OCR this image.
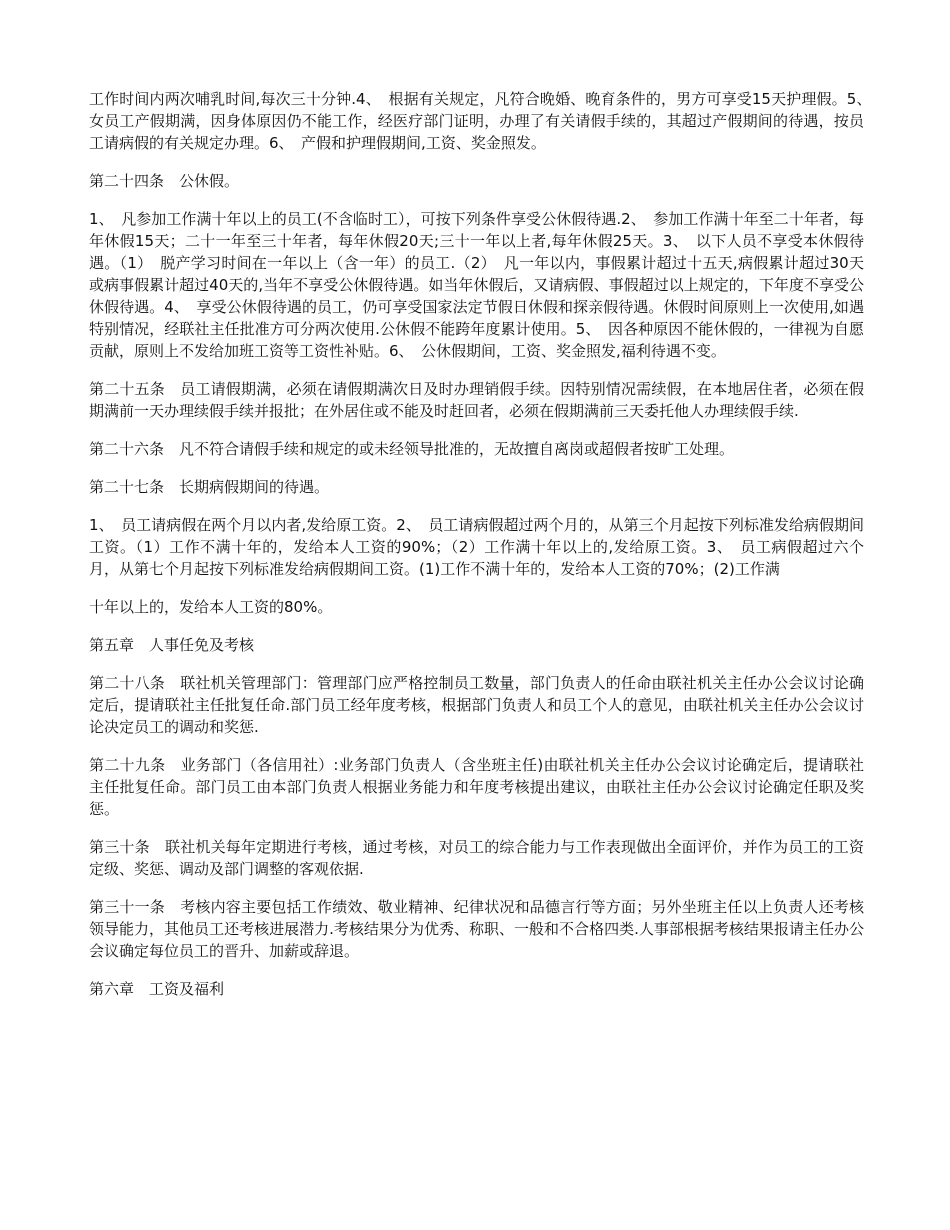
工作时间内两次哺乳时间,每次三十分钟.4、　根据有关规定，凡符合晚婚、晚育条件的，男方可享受15天护理假。5、　女员工产假期满，因身体原因仍不能工作，经医疗部门证明，办理了有关请假手续的，其超过产假期间的待遇，按员工请病假的有关规定办理。6、　产假和护理假期间,工资、奖金照发。

第二十四条　公休假。

1、　凡参加工作满十年以上的员工(不含临时工），可按下列条件享受公休假待遇.2、　参加工作满十年至二十年者，每年休假15天；二十一年至三十年者，每年休假20天;三十一年以上者,每年休假25天。3、　以下人员不享受本休假待遇。（1）　脱产学习时间在一年以上（含一年）的员工.（2）　凡一年以内，事假累计超过十五天,病假累计超过30天或病事假累计超过40天的,当年不享受公休假待遇。如当年休假后，又请病假、事假超过以上规定的，下年度不享受公休假待遇。4、　享受公休假待遇的员工，仍可享受国家法定节假日休假和探亲假待遇。休假时间原则上一次使用,如遇特别情况，经联社主任批准方可分两次使用.公休假不能跨年度累计使用。5、　因各种原因不能休假的，一律视为自愿贡献，原则上不发给加班工资等工资性补贴。6、　公休假期间，工资、奖金照发,福利待遇不变。

第二十五条　员工请假期满，必须在请假期满次日及时办理销假手续。因特别情况需续假，在本地居住者，必须在假期满前一天办理续假手续并报批；在外居住或不能及时赶回者，必须在假期满前三天委托他人办理续假手续.

第二十六条　凡不符合请假手续和规定的或未经领导批准的，无故擅自离岗或超假者按旷工处理。

第二十七条　长期病假期间的待遇。

1、　员工请病假在两个月以内者,发给原工资。2、　员工请病假超过两个月的，从第三个月起按下列标准发给病假期间工资。（1）工作不满十年的，发给本人工资的90%；（2）工作满十年以上的,发给原工资。3、　员工病假超过六个月，从第七个月起按下列标准发给病假期间工资。(1)工作不满十年的，发给本人工资的70%；(2)工作满

十年以上的，发给本人工资的80%。

第五章　人事任免及考核

第二十八条　联社机关管理部门：管理部门应严格控制员工数量，部门负责人的任命由联社机关主任办公会议讨论确定后，提请联社主任批复任命.部门员工经年度考核，根据部门负责人和员工个人的意见，由联社机关主任办公会议讨论决定员工的调动和奖惩.

第二十九条　业务部门（各信用社）:业务部门负责人（含坐班主任)由联社机关主任办公会议讨论确定后，提请联社主任批复任命。部门员工由本部门负责人根据业务能力和年度考核提出建议，由联社主任办公会议讨论确定任职及奖惩。

第三十条　联社机关每年定期进行考核，通过考核，对员工的综合能力与工作表现做出全面评价，并作为员工的工资定级、奖惩、调动及部门调整的客观依据.

第三十一条　考核内容主要包括工作绩效、敬业精神、纪律状况和品德言行等方面；另外坐班主任以上负责人还考核领导能力，其他员工还考核进展潜力.考核结果分为优秀、称职、一般和不合格四类.人事部根据考核结果报请主任办公会议确定每位员工的晋升、加薪或辞退。

第六章　工资及福利
